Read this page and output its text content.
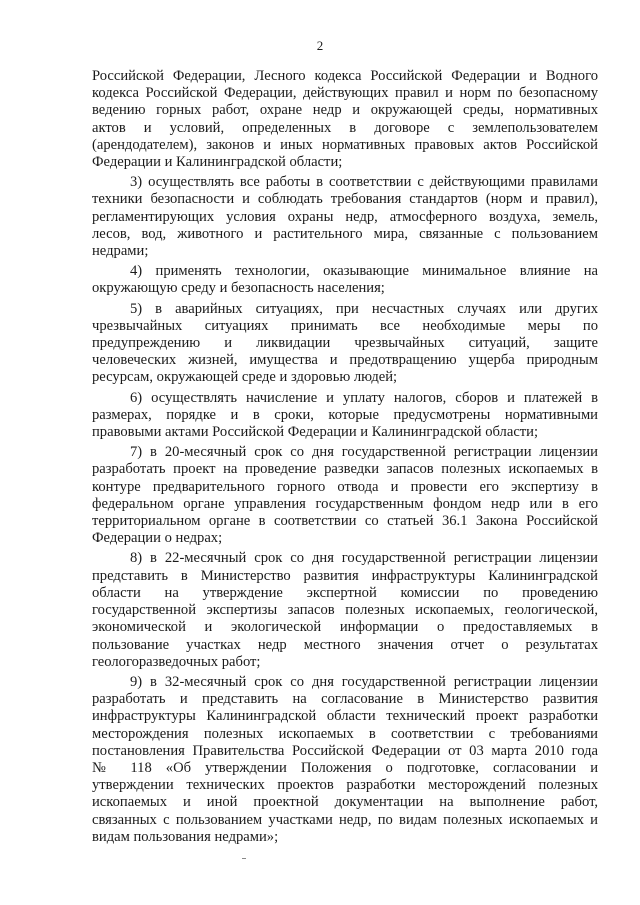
2
Российской Федерации, Лесного кодекса Российской Федерации и Водного
кодекса Российской Федерации, действующих правил и норм по безопасному
ведению горных работ, охране недр и окружающей среды, нормативных
актов и условий, определенных в договоре с землепользователем
(арендодателем), законов и иных нормативных правовых актов Российской
Федерации и Калининградской области;
3) осуществлять все работы в соответствии с действующими правилами
техники безопасности и соблюдать требования стандартов (норм и правил),
регламентирующих условия охраны недр, атмосферного воздуха, земель,
лесов, вод, животного и растительного мира, связанные с пользованием
недрами;
4) применять технологии, оказывающие минимальное влияние на
окружающую среду и безопасность населения;
5) в аварийных ситуациях, при несчастных случаях или других
чрезвычайных ситуациях принимать все необходимые меры по
предупреждению и ликвидации чрезвычайных ситуаций, защите
человеческих жизней, имущества и предотвращению ущерба природным
ресурсам, окружающей среде и здоровью людей;
6) осуществлять начисление и уплату налогов, сборов и платежей в
размерах, порядке и в сроки, которые предусмотрены нормативными
правовыми актами Российской Федерации и Калининградской области;
7) в 20-месячный срок со дня государственной регистрации лицензии
разработать проект на проведение разведки запасов полезных ископаемых в
контуре предварительного горного отвода и провести его экспертизу в
федеральном органе управления государственным фондом недр или в его
территориальном органе в соответствии со статьей 36.1 Закона Российской
Федерации о недрах;
8) в 22-месячный срок со дня государственной регистрации лицензии
представить в Министерство развития инфраструктуры Калининградской
области на утверждение экспертной комиссии по проведению
государственной экспертизы запасов полезных ископаемых, геологической,
экономической и экологической информации о предоставляемых в
пользование участках недр местного значения отчет о результатах
геологоразведочных работ;
9) в 32-месячный срок со дня государственной регистрации лицензии
разработать и представить на согласование в Министерство развития
инфраструктуры Калининградской области технический проект разработки
месторождения полезных ископаемых в соответствии с требованиями
постановления Правительства Российской Федерации от 03 марта 2010 года
№ 118 «Об утверждении Положения о подготовке, согласовании и
утверждении технических проектов разработки месторождений полезных
ископаемых и иной проектной документации на выполнение работ,
связанных с пользованием участками недр, по видам полезных ископаемых и
видам пользования недрами»;
